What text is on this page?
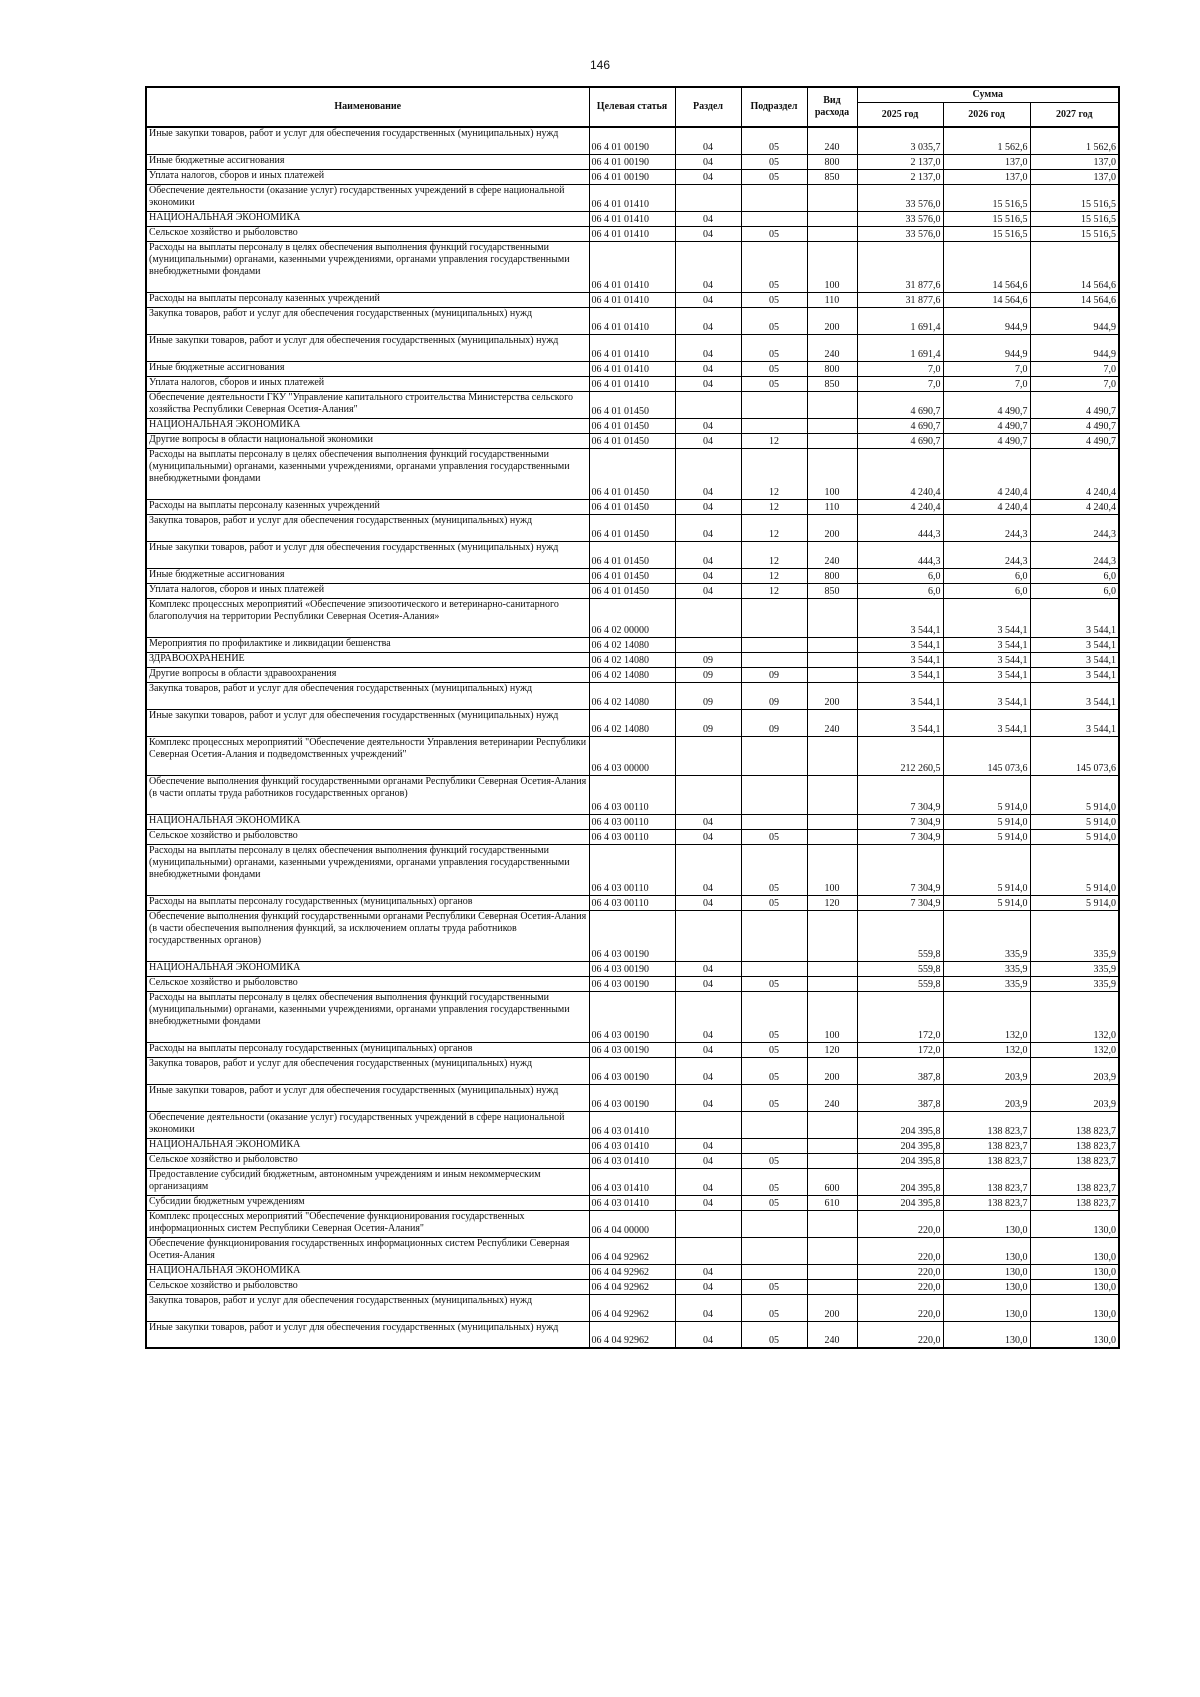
146
Наименование	Целевая статья	Раздел	Подраздел	Вид расхода	Сумма		
					2025 год	2026 год	2027 год
Иные закупки товаров, работ и услуг для обеспечения государственных (муниципальных) нужд	06 4 01 00190	04	05	240	3 035,7	1 562,6	1 562,6
Иные бюджетные ассигнования	06 4 01 00190	04	05	800	2 137,0	137,0	137,0
Уплата налогов, сборов и иных платежей	06 4 01 00190	04	05	850	2 137,0	137,0	137,0
Обеспечение деятельности (оказание услуг) государственных учреждений в сфере национальной экономики	06 4 01 01410				33 576,0	15 516,5	15 516,5
НАЦИОНАЛЬНАЯ ЭКОНОМИКА	06 4 01 01410	04			33 576,0	15 516,5	15 516,5
Сельское хозяйство и рыболовство	06 4 01 01410	04	05		33 576,0	15 516,5	15 516,5
Расходы на выплаты персоналу в целях обеспечения выполнения функций государственными (муниципальными) органами, казенными учреждениями, органами управления государственными внебюджетными фондами	06 4 01 01410	04	05	100	31 877,6	14 564,6	14 564,6
Расходы на выплаты персоналу казенных учреждений	06 4 01 01410	04	05	110	31 877,6	14 564,6	14 564,6
Закупка товаров, работ и услуг для обеспечения государственных (муниципальных) нужд	06 4 01 01410	04	05	200	1 691,4	944,9	944,9
Иные закупки товаров, работ и услуг для обеспечения государственных (муниципальных) нужд	06 4 01 01410	04	05	240	1 691,4	944,9	944,9
Иные бюджетные ассигнования	06 4 01 01410	04	05	800	7,0	7,0	7,0
Уплата налогов, сборов и иных платежей	06 4 01 01410	04	05	850	7,0	7,0	7,0
Обеспечение деятельности ГКУ "Управление капитального строительства Министерства сельского хозяйства Республики Северная Осетия-Алания"	06 4 01 01450				4 690,7	4 490,7	4 490,7
НАЦИОНАЛЬНАЯ ЭКОНОМИКА	06 4 01 01450	04			4 690,7	4 490,7	4 490,7
Другие вопросы в области национальной экономики	06 4 01 01450	04	12		4 690,7	4 490,7	4 490,7
Расходы на выплаты персоналу в целях обеспечения выполнения функций государственными (муниципальными) органами, казенными учреждениями, органами управления государственными внебюджетными фондами	06 4 01 01450	04	12	100	4 240,4	4 240,4	4 240,4
Расходы на выплаты персоналу казенных учреждений	06 4 01 01450	04	12	110	4 240,4	4 240,4	4 240,4
Закупка товаров, работ и услуг для обеспечения государственных (муниципальных) нужд	06 4 01 01450	04	12	200	444,3	244,3	244,3
Иные закупки товаров, работ и услуг для обеспечения государственных (муниципальных) нужд	06 4 01 01450	04	12	240	444,3	244,3	244,3
Иные бюджетные ассигнования	06 4 01 01450	04	12	800	6,0	6,0	6,0
Уплата налогов, сборов и иных платежей	06 4 01 01450	04	12	850	6,0	6,0	6,0
Комплекс процессных мероприятий «Обеспечение эпизоотического и ветеринарно-санитарного благополучия на территории Республики Северная Осетия-Алания»	06 4 02 00000				3 544,1	3 544,1	3 544,1
Мероприятия по профилактике и ликвидации бешенства	06 4 02 14080				3 544,1	3 544,1	3 544,1
ЗДРАВООХРАНЕНИЕ	06 4 02 14080	09			3 544,1	3 544,1	3 544,1
Другие вопросы в области здравоохранения	06 4 02 14080	09	09		3 544,1	3 544,1	3 544,1
Закупка товаров, работ и услуг для обеспечения государственных (муниципальных) нужд	06 4 02 14080	09	09	200	3 544,1	3 544,1	3 544,1
Иные закупки товаров, работ и услуг для обеспечения государственных (муниципальных) нужд	06 4 02 14080	09	09	240	3 544,1	3 544,1	3 544,1
Комплекс процессных мероприятий "Обеспечение деятельности Управления ветеринарии Республики Северная Осетия-Алания и подведомственных учреждений"	06 4 03 00000				212 260,5	145 073,6	145 073,6
Обеспечение выполнения функций государственными органами Республики Северная Осетия-Алания (в части оплаты труда работников государственных органов)	06 4 03 00110				7 304,9	5 914,0	5 914,0
НАЦИОНАЛЬНАЯ ЭКОНОМИКА	06 4 03 00110	04			7 304,9	5 914,0	5 914,0
Сельское хозяйство и рыболовство	06 4 03 00110	04	05		7 304,9	5 914,0	5 914,0
Расходы на выплаты персоналу в целях обеспечения выполнения функций государственными (муниципальными) органами, казенными учреждениями, органами управления государственными внебюджетными фондами	06 4 03 00110	04	05	100	7 304,9	5 914,0	5 914,0
Расходы на выплаты персоналу государственных (муниципальных) органов	06 4 03 00110	04	05	120	7 304,9	5 914,0	5 914,0
Обеспечение выполнения функций государственными органами Республики Северная Осетия-Алания (в части обеспечения выполнения функций, за исключением оплаты труда работников государственных органов)	06 4 03 00190				559,8	335,9	335,9
НАЦИОНАЛЬНАЯ ЭКОНОМИКА	06 4 03 00190	04			559,8	335,9	335,9
Сельское хозяйство и рыболовство	06 4 03 00190	04	05		559,8	335,9	335,9
Расходы на выплаты персоналу в целях обеспечения выполнения функций государственными (муниципальными) органами, казенными учреждениями, органами управления государственными внебюджетными фондами	06 4 03 00190	04	05	100	172,0	132,0	132,0
Расходы на выплаты персоналу государственных (муниципальных) органов	06 4 03 00190	04	05	120	172,0	132,0	132,0
Закупка товаров, работ и услуг для обеспечения государственных (муниципальных) нужд	06 4 03 00190	04	05	200	387,8	203,9	203,9
Иные закупки товаров, работ и услуг для обеспечения государственных (муниципальных) нужд	06 4 03 00190	04	05	240	387,8	203,9	203,9
Обеспечение деятельности (оказание услуг) государственных учреждений в сфере национальной экономики	06 4 03 01410				204 395,8	138 823,7	138 823,7
НАЦИОНАЛЬНАЯ ЭКОНОМИКА	06 4 03 01410	04			204 395,8	138 823,7	138 823,7
Сельское хозяйство и рыболовство	06 4 03 01410	04	05		204 395,8	138 823,7	138 823,7
Предоставление субсидий бюджетным, автономным учреждениям и иным некоммерческим организациям	06 4 03 01410	04	05	600	204 395,8	138 823,7	138 823,7
Субсидии бюджетным учреждениям	06 4 03 01410	04	05	610	204 395,8	138 823,7	138 823,7
Комплекс процессных мероприятий "Обеспечение функционирования государственных информационных систем Республики Северная Осетия-Алания"	06 4 04 00000				220,0	130,0	130,0
Обеспечение функционирования государственных информационных систем Республики Северная Осетия-Алания	06 4 04 92962				220,0	130,0	130,0
НАЦИОНАЛЬНАЯ ЭКОНОМИКА	06 4 04 92962	04			220,0	130,0	130,0
Сельское хозяйство и рыболовство	06 4 04 92962	04	05		220,0	130,0	130,0
Закупка товаров, работ и услуг для обеспечения государственных (муниципальных) нужд	06 4 04 92962	04	05	200	220,0	130,0	130,0
Иные закупки товаров, работ и услуг для обеспечения государственных (муниципальных) нужд	06 4 04 92962	04	05	240	220,0	130,0	130,0
